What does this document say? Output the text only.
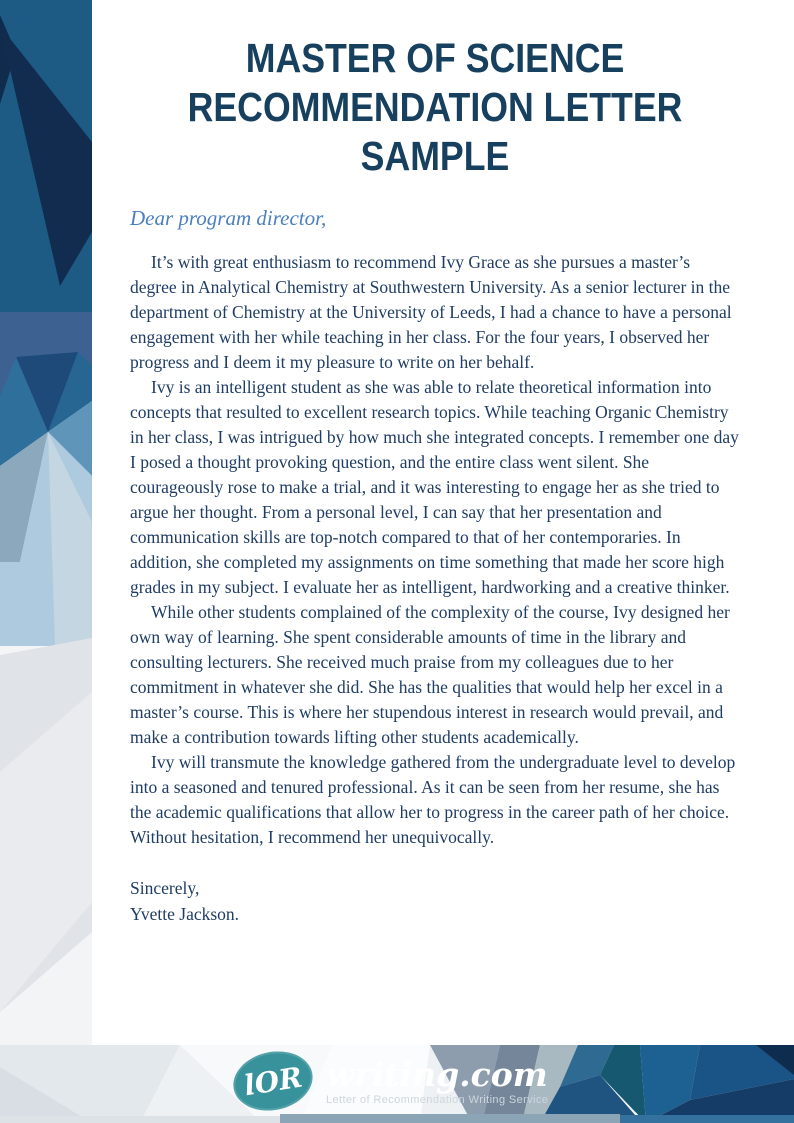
MASTER OF SCIENCE
RECOMMENDATION LETTER
SAMPLE

Dear program director,

It’s with great enthusiasm to recommend Ivy Grace as she pursues a master’s degree in Analytical Chemistry at Southwestern University. As a senior lecturer in the department of Chemistry at the University of Leeds, I had a chance to have a personal engagement with her while teaching in her class. For the four years, I observed her progress and I deem it my pleasure to write on her behalf.

Ivy is an intelligent student as she was able to relate theoretical information into concepts that resulted to excellent research topics. While teaching Organic Chemistry in her class, I was intrigued by how much she integrated concepts. I remember one day I posed a thought provoking question, and the entire class went silent. She courageously rose to make a trial, and it was interesting to engage her as she tried to argue her thought. From a personal level, I can say that her presentation and communication skills are top-notch compared to that of her contemporaries. In addition, she completed my assignments on time something that made her score high grades in my subject. I evaluate her as intelligent, hardworking and a creative thinker.

While other students complained of the complexity of the course, Ivy designed her own way of learning. She spent considerable amounts of time in the library and consulting lecturers. She received much praise from my colleagues due to her commitment in whatever she did. She has the qualities that would help her excel in a master’s course. This is where her stupendous interest in research would prevail, and make a contribution towards lifting other students academically.

Ivy will transmute the knowledge gathered from the undergraduate level to develop into a seasoned and tenured professional. As it can be seen from her resume, she has the academic qualifications that allow her to progress in the career path of her choice. Without hesitation, I recommend her unequivocally.

Sincerely,

Yvette Jackson.

lOR writing.com
Letter of Recommendation Writing Service
